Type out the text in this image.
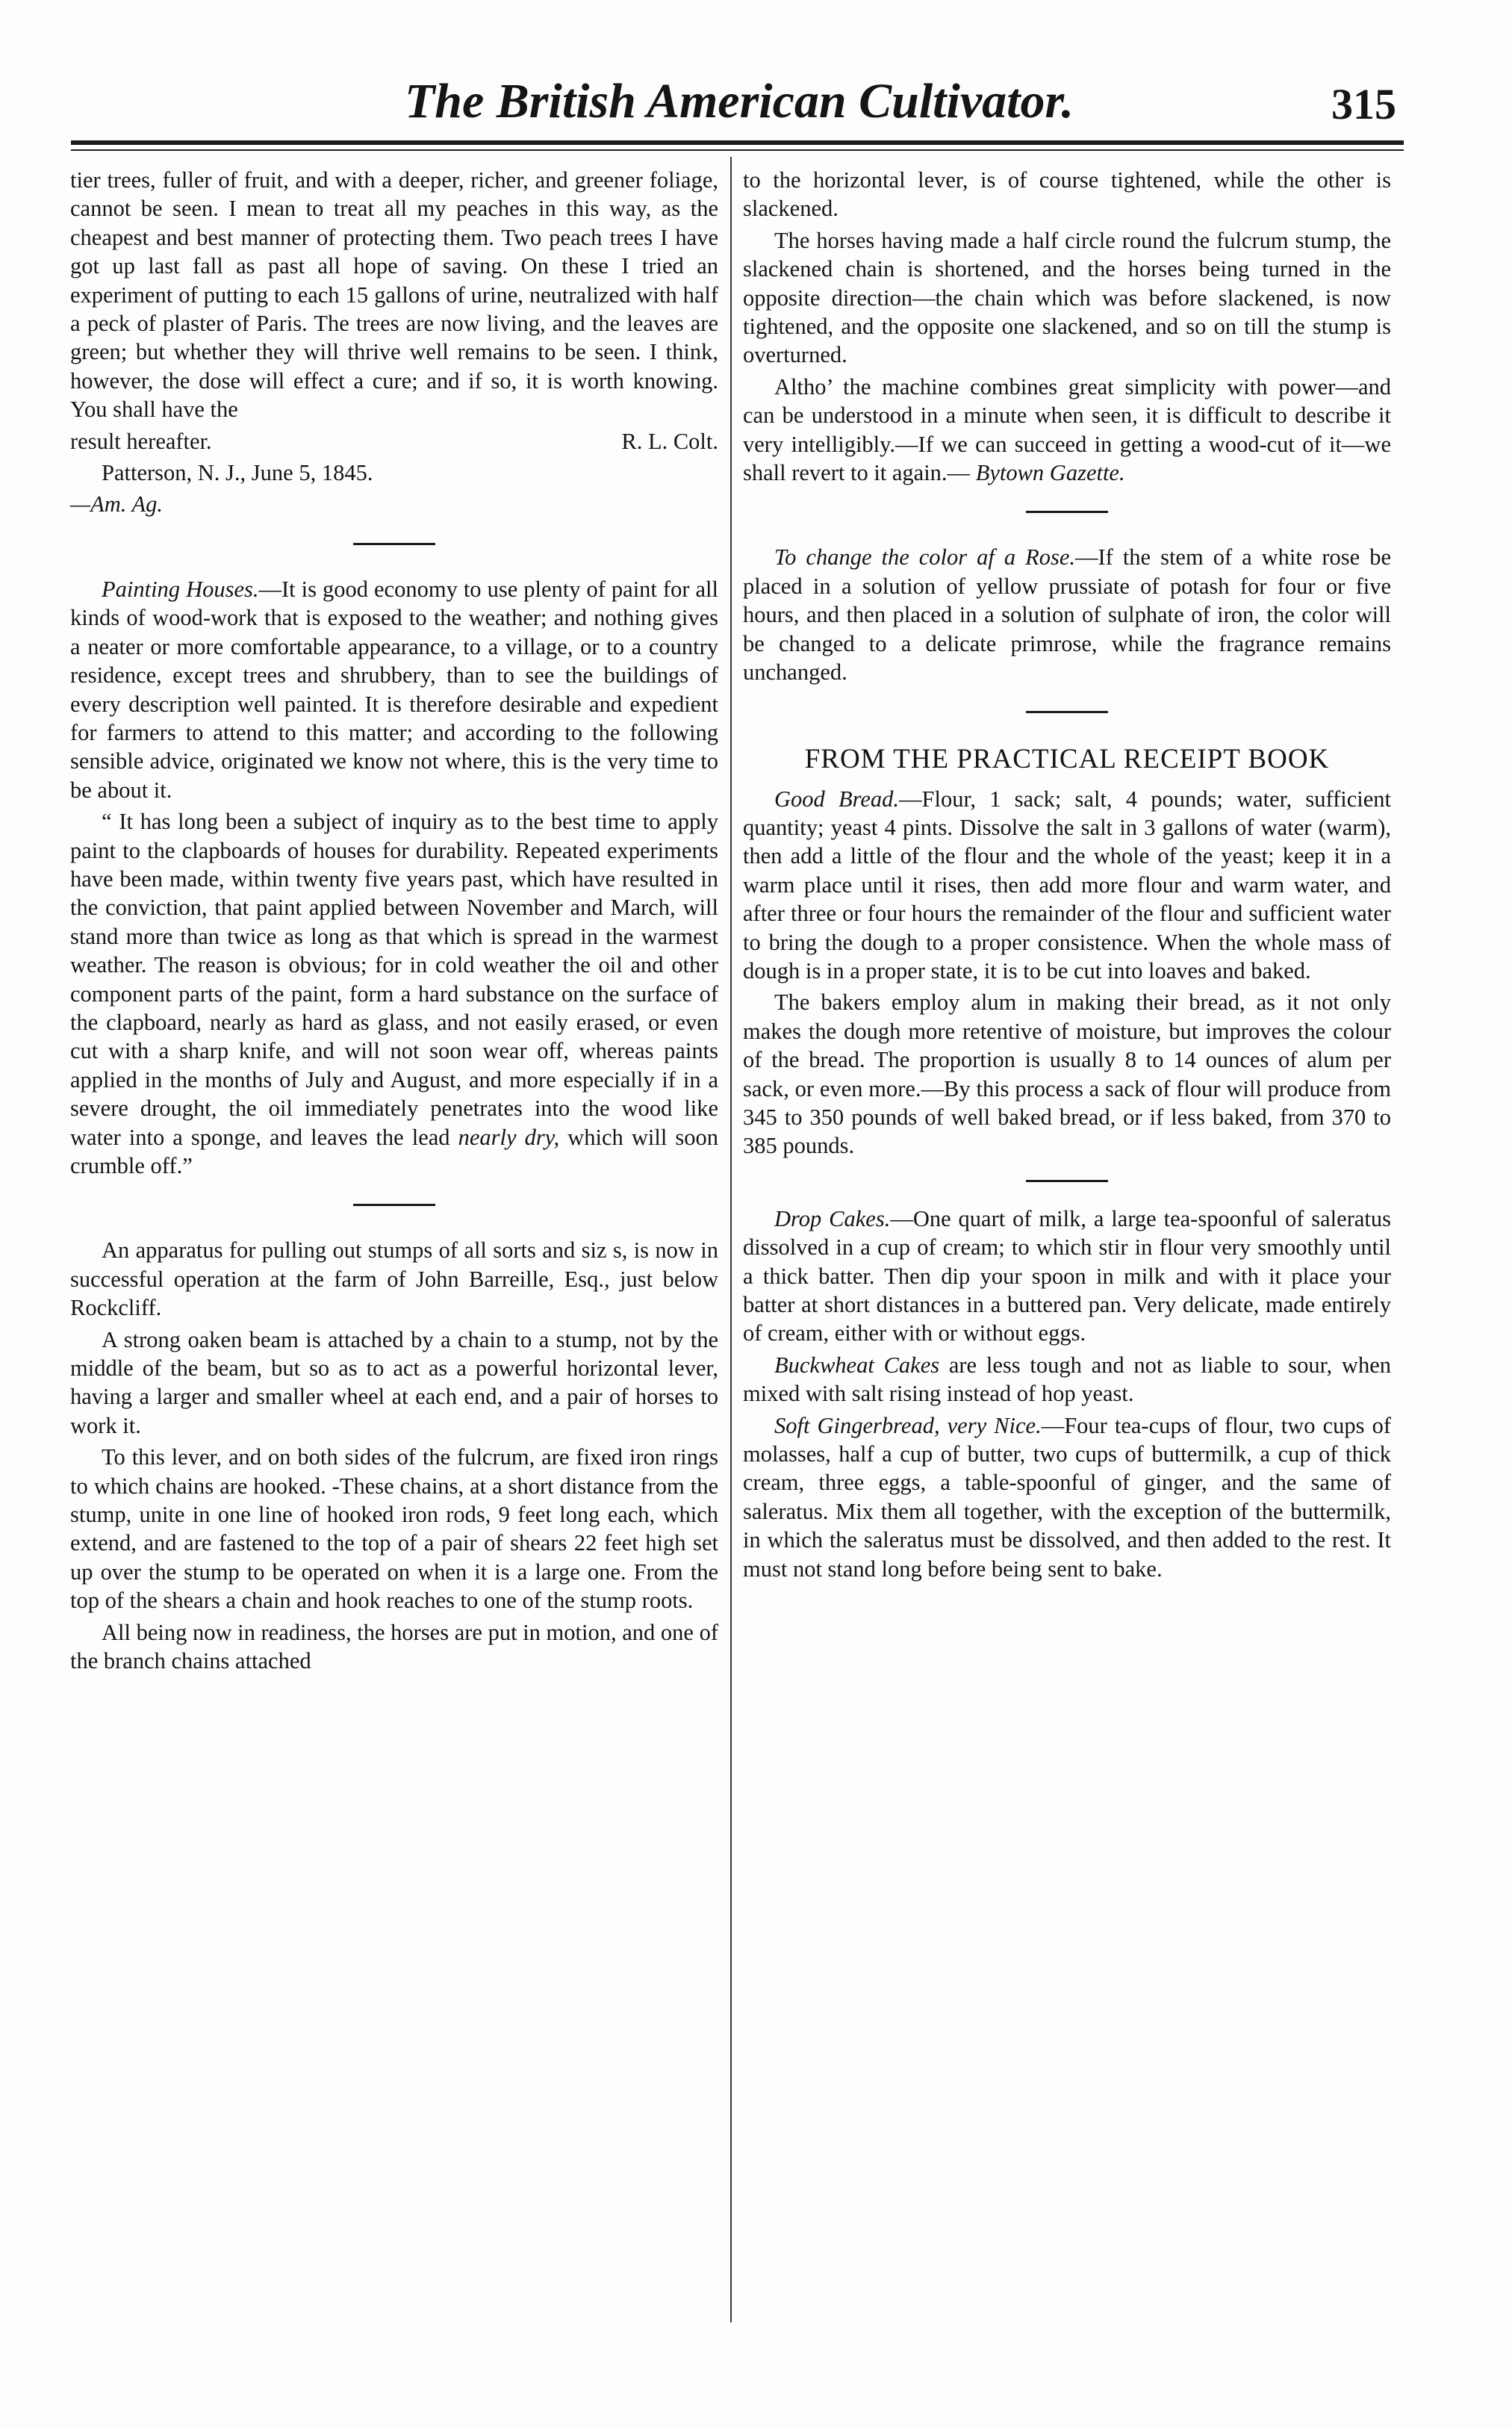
The British American Cultivator.	315

tier trees, fuller of fruit, and with a deeper, richer, and greener foliage, cannot be seen. I mean to treat all my peaches in this way, as the cheapest and best manner of protecting them. Two peach trees I have got up last fall as past all hope of saving. On these I tried an experiment of putting to each 15 gallons of urine, neutralized with half a peck of plaster of Paris. The trees are now living, and the leaves are green; but whether they will thrive well remains to be seen. I think, however, the dose will effect a cure; and if so, it is worth knowing. You shall have the

result hereafter.	R. L. Colt.

Patterson, N. J., June 5, 1845.

—Am. Ag.

Painting Houses.—It is good economy to use plenty of paint for all kinds of wood-work that is exposed to the weather; and nothing gives a neater or more comfortable appearance, to a village, or to a country residence, except trees and shrubbery, than to see the buildings of every description well painted. It is therefore desirable and expedient for farmers to attend to this matter; and according to the following sensible advice, originated we know not where, this is the very time to be about it.

“ It has long been a subject of inquiry as to the best time to apply paint to the clapboards of houses for durability. Repeated experiments have been made, within twenty five years past, which have resulted in the conviction, that paint applied between November and March, will stand more than twice as long as that which is spread in the warmest weather. The reason is obvious; for in cold weather the oil and other component parts of the paint, form a hard substance on the surface of the clapboard, nearly as hard as glass, and not easily erased, or even cut with a sharp knife, and will not soon wear off, whereas paints applied in the months of July and August, and more especially if in a severe drought, the oil immediately penetrates into the wood like water into a sponge, and leaves the lead nearly dry, which will soon crumble off.”

An apparatus for pulling out stumps of all sorts and siz s, is now in successful operation at the farm of John Barreille, Esq., just below Rockcliff.

A strong oaken beam is attached by a chain to a stump, not by the middle of the beam, but so as to act as a powerful horizontal lever, having a larger and smaller wheel at each end, and a pair of horses to work it.

To this lever, and on both sides of the fulcrum, are fixed iron rings to which chains are hooked. -These chains, at a short distance from the stump, unite in one line of hooked iron rods, 9 feet long each, which extend, and are fastened to the top of a pair of shears 22 feet high set up over the stump to be operated on when it is a large one. From the top of the shears a chain and hook reaches to one of the stump roots.

All being now in readiness, the horses are put in motion, and one of the branch chains attached

to the horizontal lever, is of course tightened, while the other is slackened.

The horses having made a half circle round the fulcrum stump, the slackened chain is shortened, and the horses being turned in the opposite direction—the chain which was before slackened, is now tightened, and the opposite one slackened, and so on till the stump is overturned.

Altho’ the machine combines great simplicity with power—and can be understood in a minute when seen, it is difficult to describe it very intelligibly.—If we can succeed in getting a wood-cut of it—we shall revert to it again.— Bytown Gazette.

To change the color af a Rose.—If the stem of a white rose be placed in a solution of yellow prussiate of potash for four or five hours, and then placed in a solution of sulphate of iron, the color will be changed to a delicate primrose, while the fragrance remains unchanged.

FROM THE PRACTICAL RECEIPT BOOK

Good Bread.—Flour, 1 sack; salt, 4 pounds; water, sufficient quantity; yeast 4 pints. Dissolve the salt in 3 gallons of water (warm), then add a little of the flour and the whole of the yeast; keep it in a warm place until it rises, then add more flour and warm water, and after three or four hours the remainder of the flour and sufficient water to bring the dough to a proper consistence. When the whole mass of dough is in a proper state, it is to be cut into loaves and baked.

The bakers employ alum in making their bread, as it not only makes the dough more retentive of moisture, but improves the colour of the bread. The proportion is usually 8 to 14 ounces of alum per sack, or even more.—By this process a sack of flour will produce from 345 to 350 pounds of well baked bread, or if less baked, from 370 to 385 pounds.

Drop Cakes.—One quart of milk, a large tea-spoonful of saleratus dissolved in a cup of cream; to which stir in flour very smoothly until a thick batter. Then dip your spoon in milk and with it place your batter at short distances in a buttered pan. Very delicate, made entirely of cream, either with or without eggs.

Buckwheat Cakes are less tough and not as liable to sour, when mixed with salt rising instead of hop yeast.

Soft Gingerbread, very Nice.—Four tea-cups of flour, two cups of molasses, half a cup of butter, two cups of buttermilk, a cup of thick cream, three eggs, a table-spoonful of ginger, and the same of saleratus. Mix them all together, with the exception of the buttermilk, in which the saleratus must be dissolved, and then added to the rest. It must not stand long before being sent to bake.
